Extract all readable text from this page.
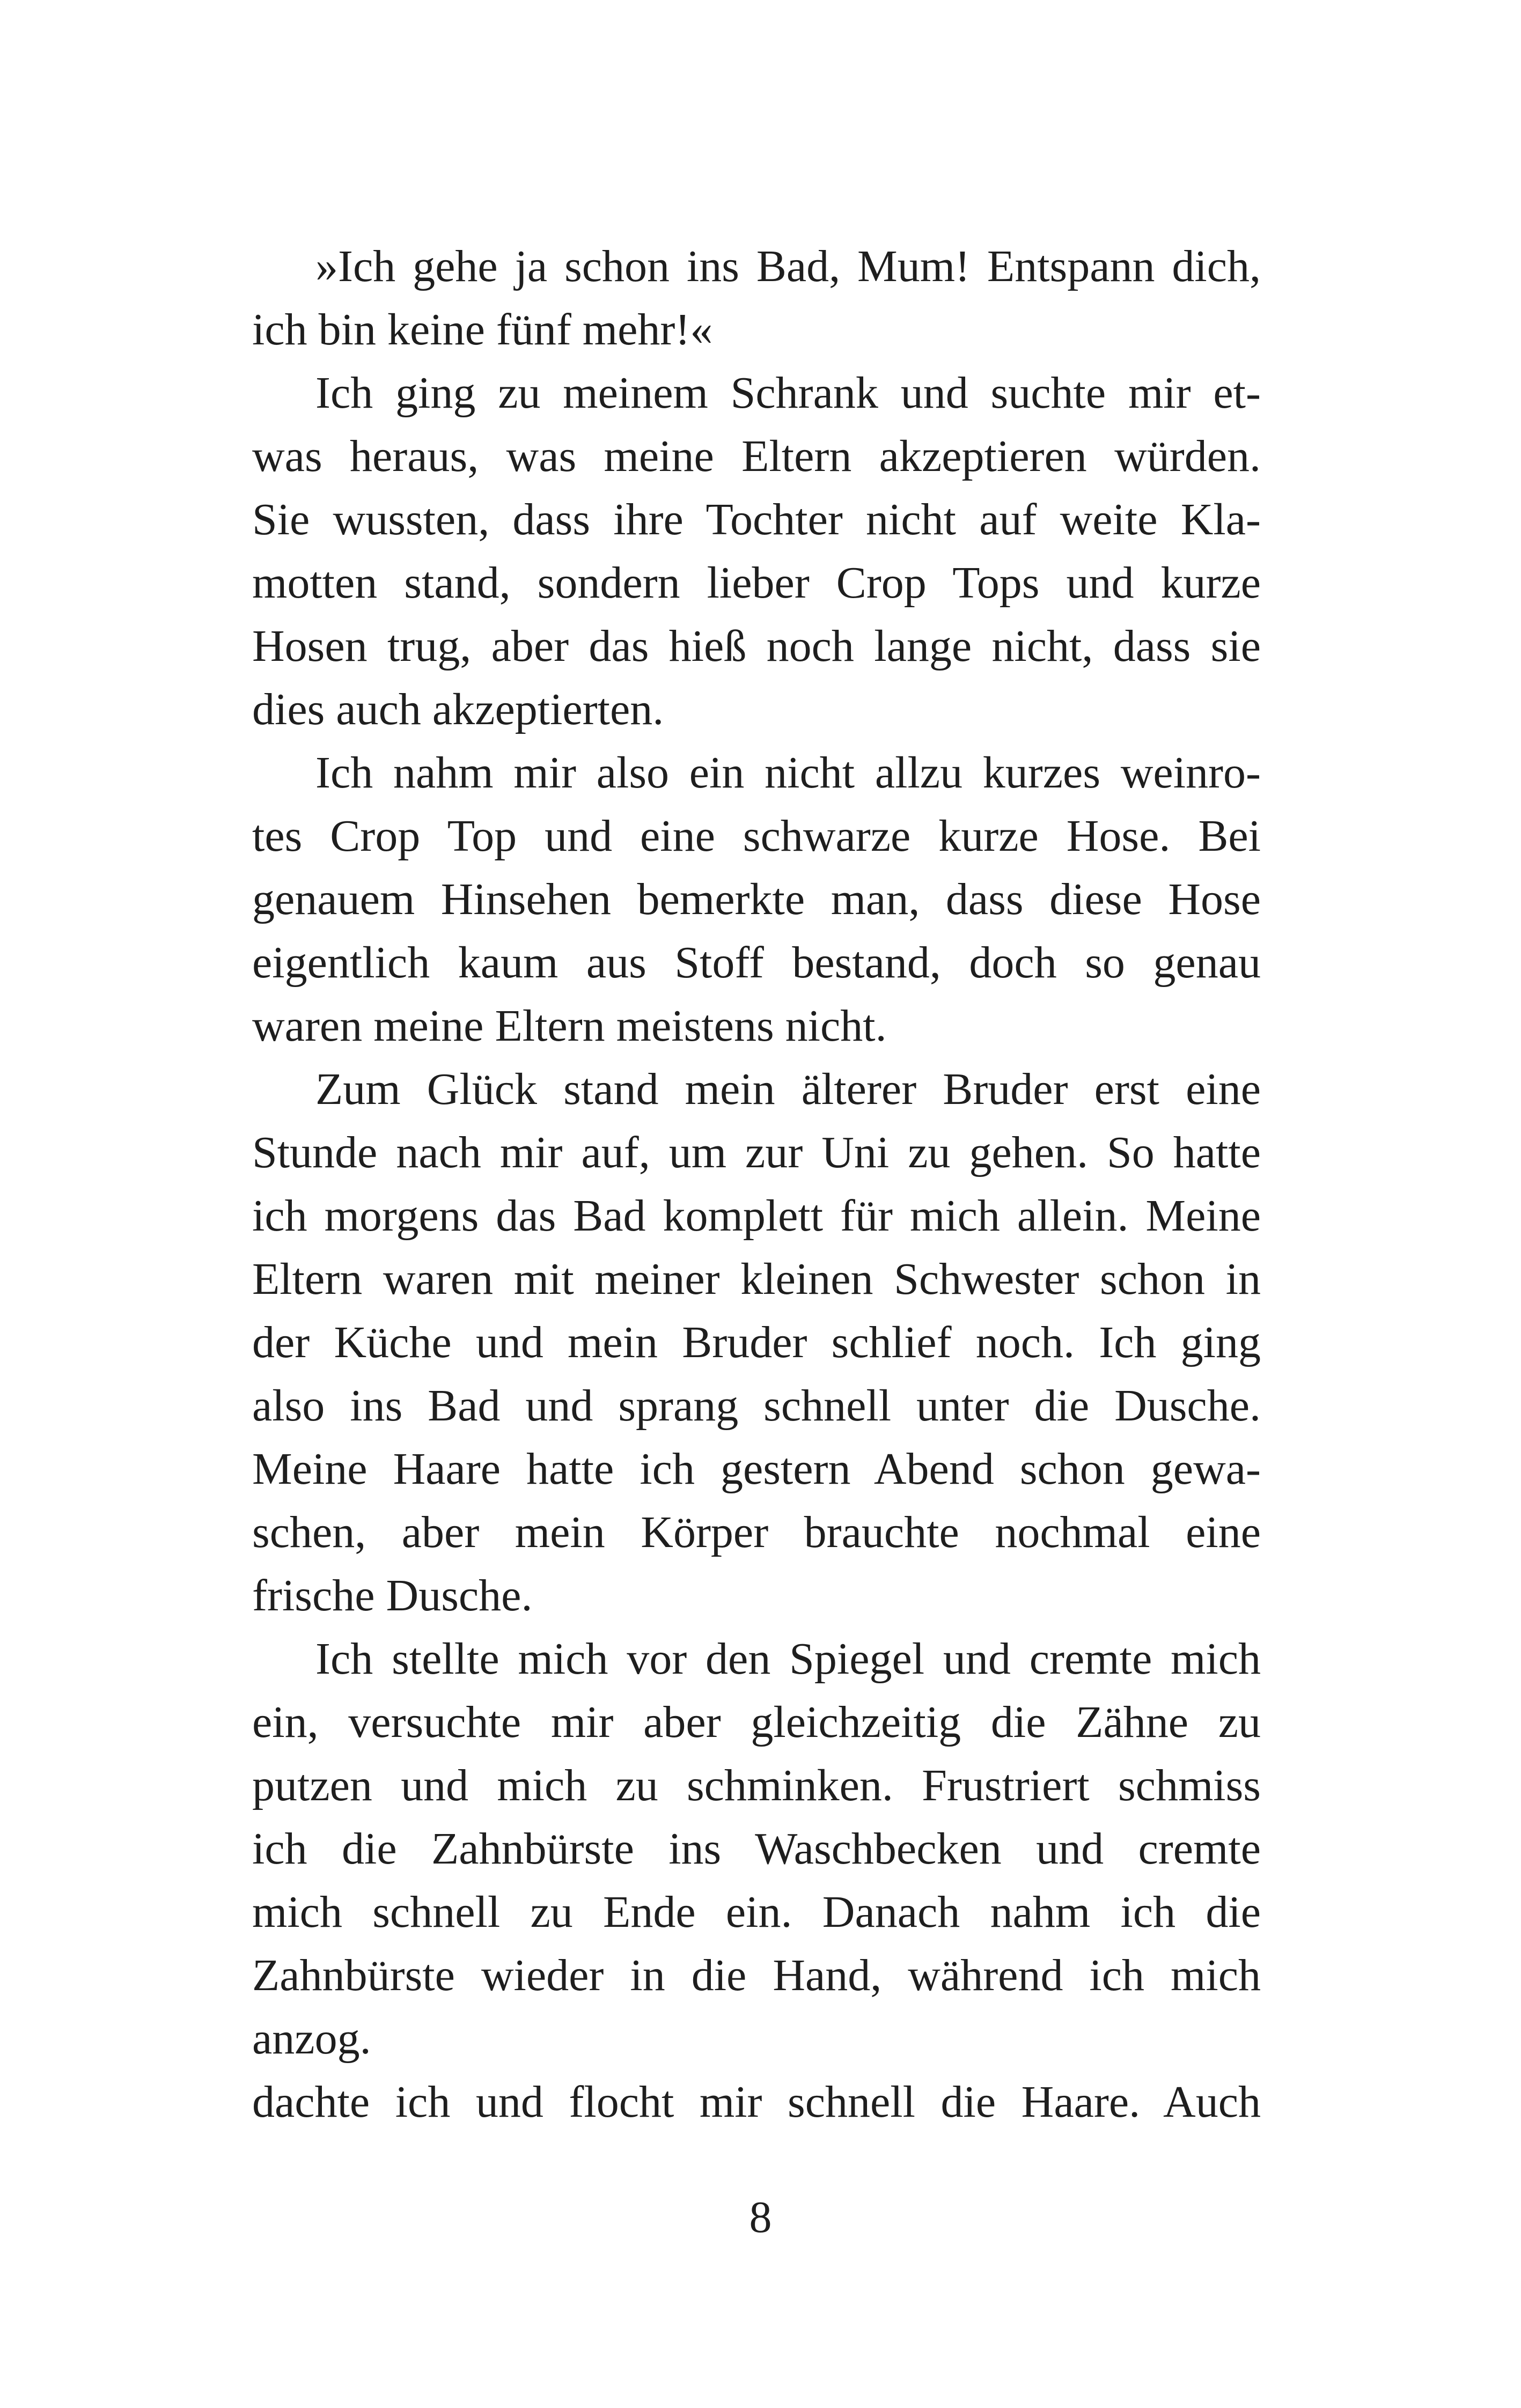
»Ich gehe ja schon ins Bad, Mum! Entspann dich,
ich bin keine fünf mehr!«
Ich ging zu meinem Schrank und suchte mir et-
was heraus, was meine Eltern akzeptieren würden.
Sie wussten, dass ihre Tochter nicht auf weite Kla-
motten stand, sondern lieber Crop Tops und kurze
Hosen trug, aber das hieß noch lange nicht, dass sie
dies auch akzeptierten.
Ich nahm mir also ein nicht allzu kurzes weinro-
tes Crop Top und eine schwarze kurze Hose. Bei
genauem Hinsehen bemerkte man, dass diese Hose
eigentlich kaum aus Stoff bestand, doch so genau
waren meine Eltern meistens nicht.
Zum Glück stand mein älterer Bruder erst eine
Stunde nach mir auf, um zur Uni zu gehen. So hatte
ich morgens das Bad komplett für mich allein. Meine
Eltern waren mit meiner kleinen Schwester schon in
der Küche und mein Bruder schlief noch. Ich ging
also ins Bad und sprang schnell unter die Dusche.
Meine Haare hatte ich gestern Abend schon gewa-
schen, aber mein Körper brauchte nochmal eine
frische Dusche.
Ich stellte mich vor den Spiegel und cremte mich
ein, versuchte mir aber gleichzeitig die Zähne zu
putzen und mich zu schminken. Frustriert schmiss
ich die Zahnbürste ins Waschbecken und cremte
mich schnell zu Ende ein. Danach nahm ich die
Zahnbürste wieder in die Hand, während ich mich
anzog.
dachte ich und flocht mir schnell die Haare. Auch
8
